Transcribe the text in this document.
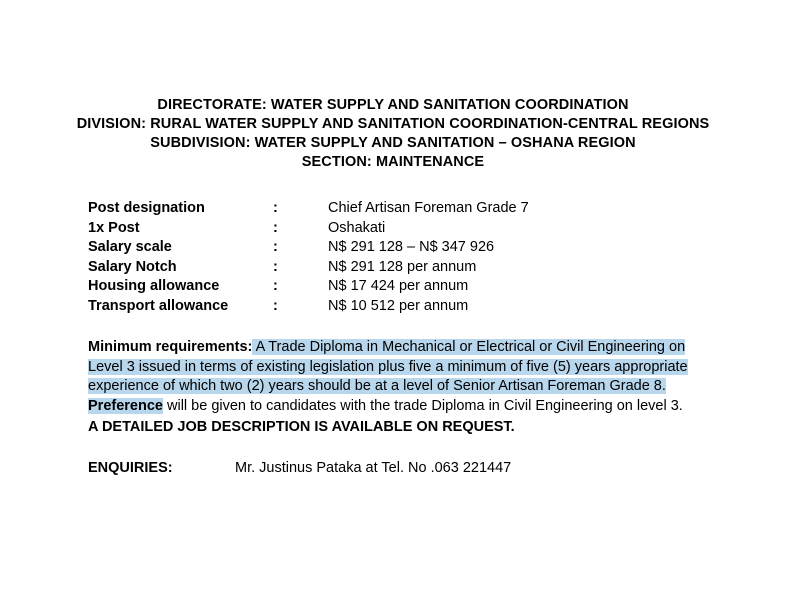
DIRECTORATE: WATER SUPPLY AND SANITATION COORDINATION
DIVISION: RURAL WATER SUPPLY AND SANITATION COORDINATION-CENTRAL REGIONS
SUBDIVISION: WATER SUPPLY AND SANITATION – OSHANA REGION
SECTION: MAINTENANCE
Post designation	:	Chief Artisan Foreman Grade 7
1x Post	:	Oshakati
Salary scale	:	N$ 291 128 – N$ 347 926
Salary Notch	:	N$ 291 128 per annum
Housing allowance	:	N$ 17 424 per annum
Transport allowance	:	N$ 10 512 per annum

Minimum requirements: A Trade Diploma in Mechanical or Electrical or Civil Engineering on Level 3 issued in terms of existing legislation plus five a minimum of five (5) years appropriate experience of which two (2) years should be at a level of Senior Artisan Foreman Grade 8.

Preference will be given to candidates with the trade Diploma in Civil Engineering on level 3.

A DETAILED JOB DESCRIPTION IS AVAILABLE ON REQUEST.

ENQUIRIES:	Mr. Justinus Pataka at Tel. No .063 221447
